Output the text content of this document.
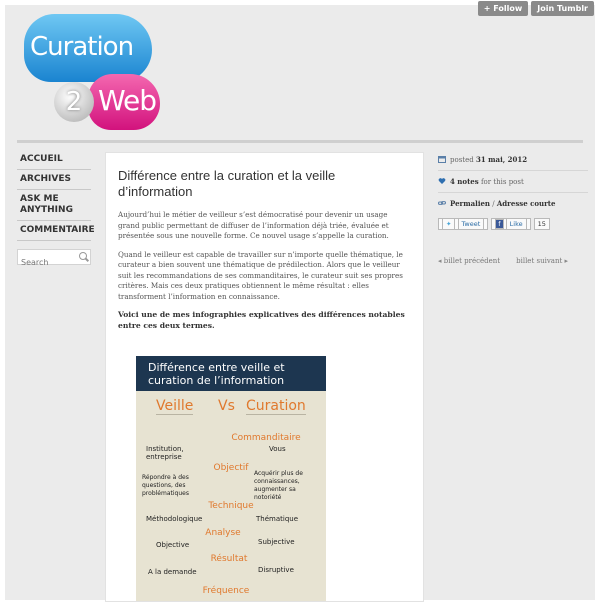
+ Follow	Join Tumblr
Curation
Web
2
ACCUEIL
ARCHIVES
ASK ME ANYTHING
COMMENTAIRE
Search
Différence entre la curation et la veille d’information

Aujourd’hui le métier de veilleur s’est démocratisé pour devenir un usage grand public permettant de diffuser de l’information déjà triée, évaluée et présentée sous une nouvelle forme. Ce nouvel usage s’appelle la curation.

Quand le veilleur est capable de travailler sur n’importe quelle thématique, le curateur a bien souvent une thématique de prédilection. Alors que le veilleur suit les recommandations de ses commanditaires, le curateur suit ses propres critères. Mais ces deux pratiques obtiennent le même résultat : elles transforment l’information en connaissance.

Voici une de mes infographies explicatives des différences notables entre ces deux termes.

Différence entre veille et curation de l’information
Veille Vs Curation
Commanditaire
Institution, entreprise
Vous
Objectif
Répondre à des questions, des problématiques
Acquérir plus de connaissances, augmenter sa notoriété
Technique
Méthodologique	Thématique
Analyse
Objective	Subjective
Résultat
A la demande	Disruptive
Fréquence
posted 31 mai, 2012
4 notes for this post
Permalien / Adresse courte
✦ Tweet	f Like	15
◂ billet précédent billet suivant ▸
